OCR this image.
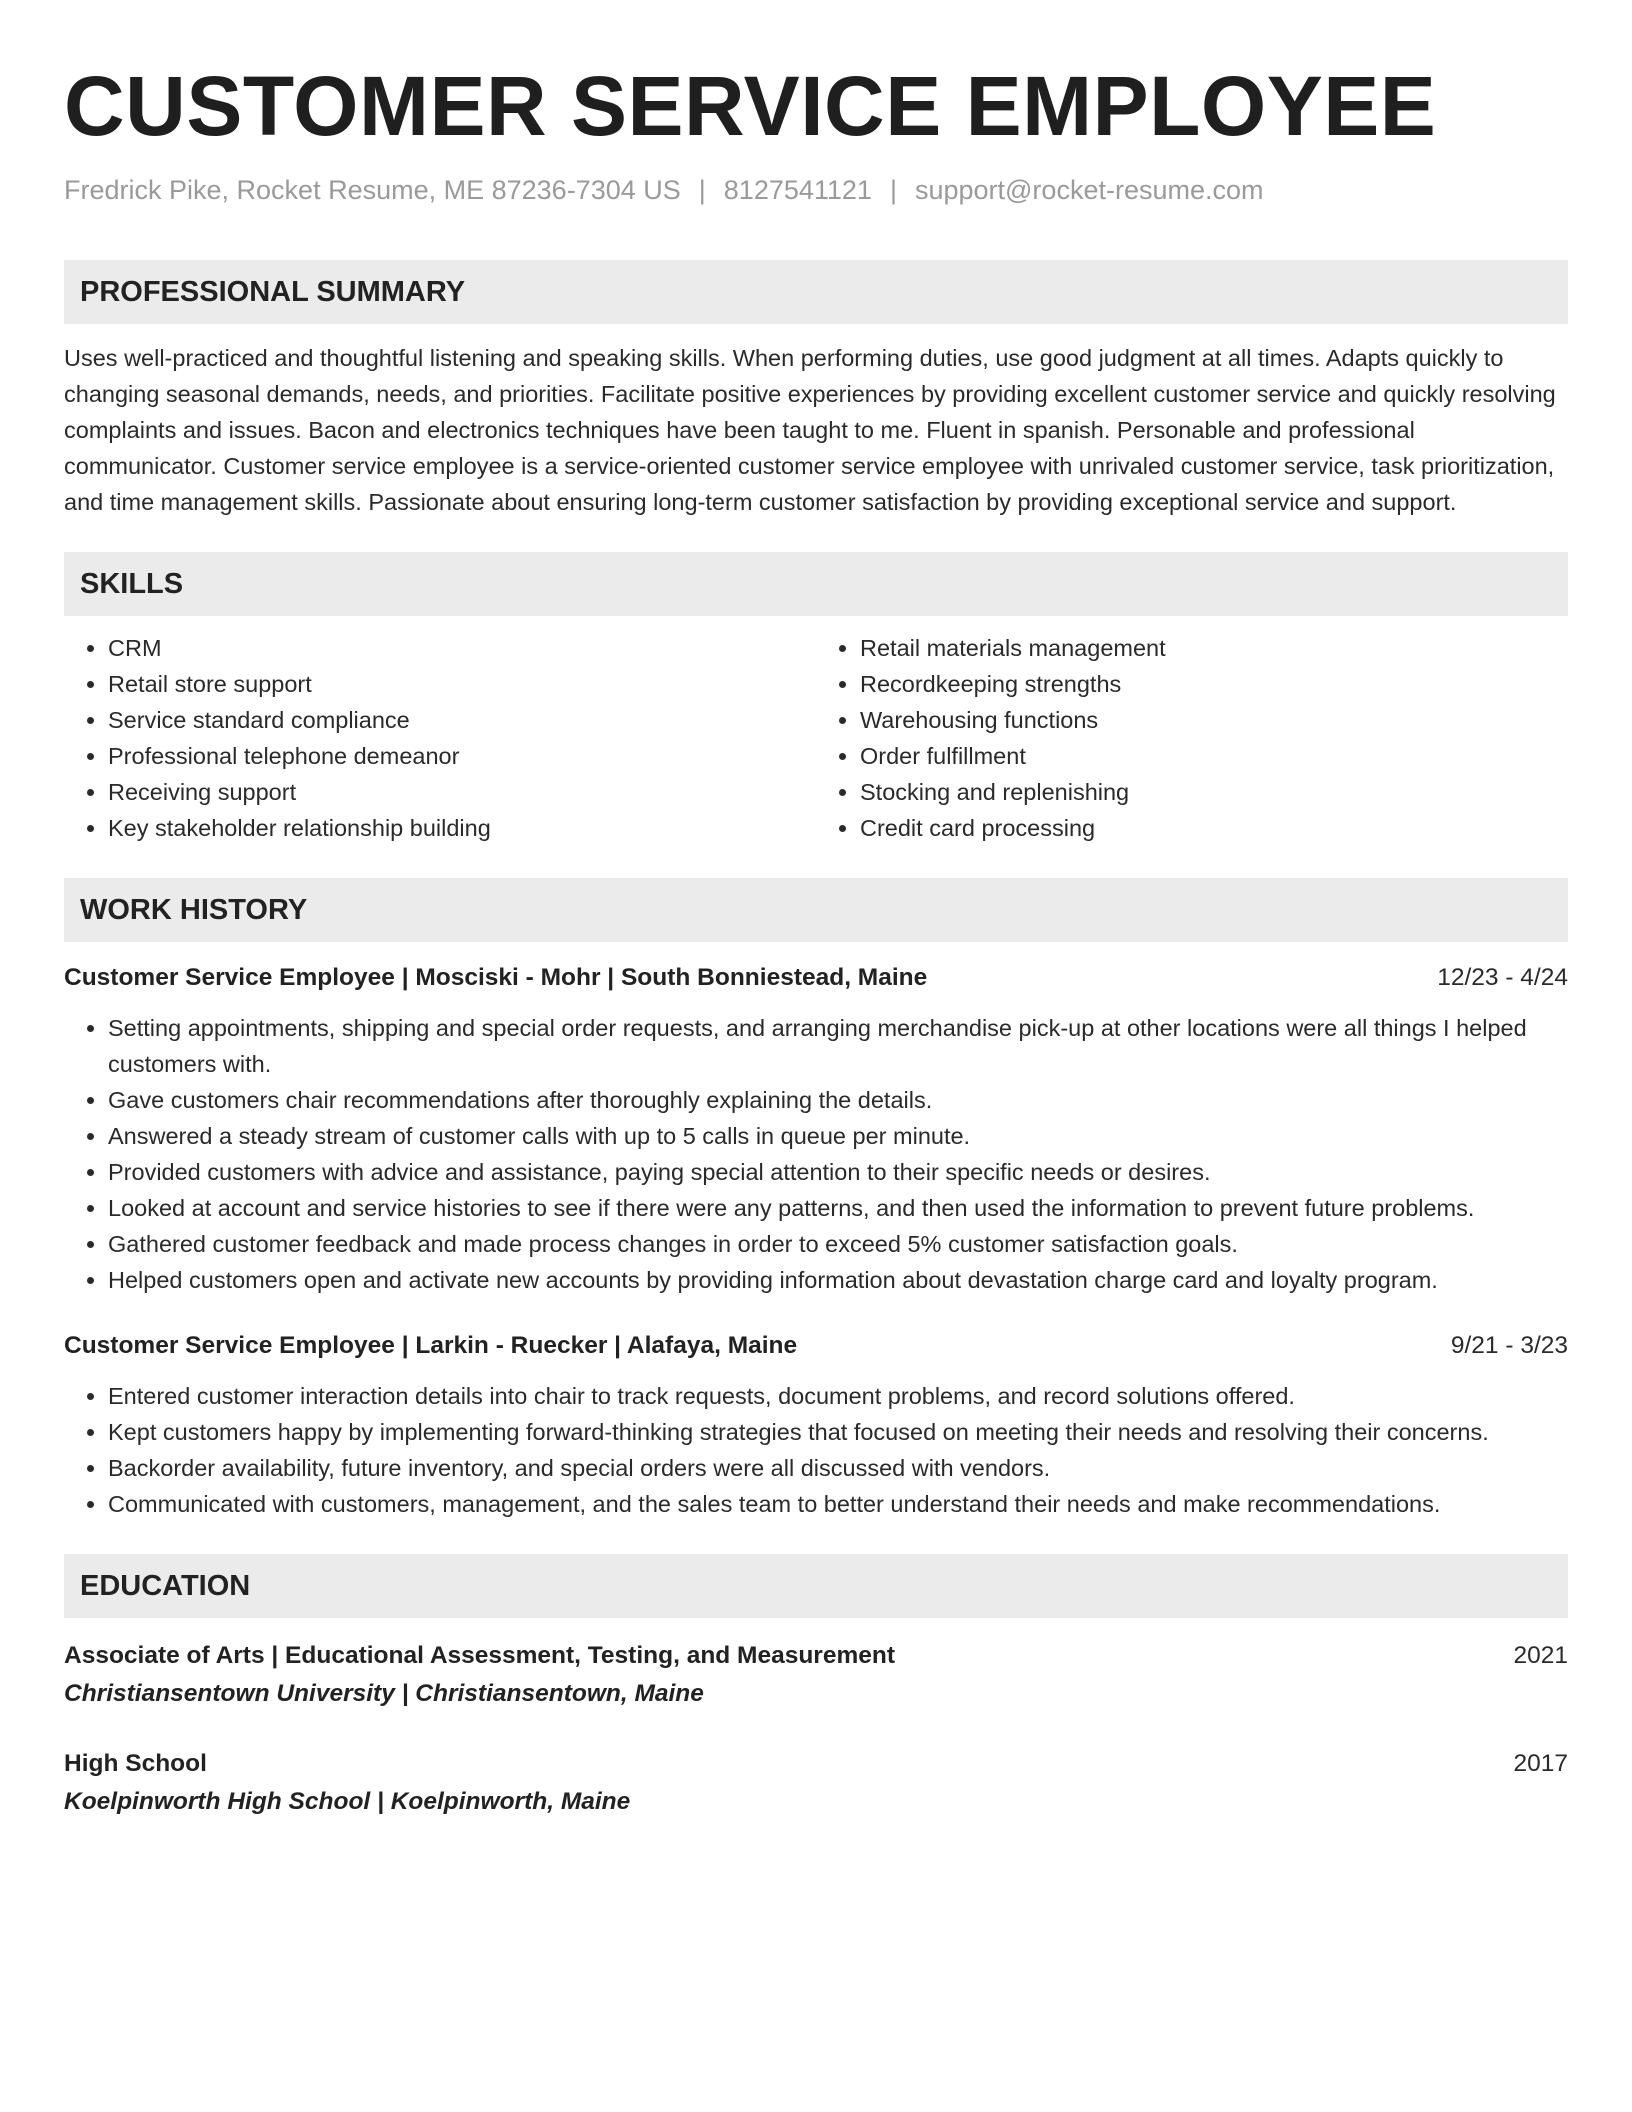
CUSTOMER SERVICE EMPLOYEE
Fredrick Pike, Rocket Resume, ME 87236-7304 US | 8127541121 | support@rocket-resume.com
PROFESSIONAL SUMMARY
Uses well-practiced and thoughtful listening and speaking skills. When performing duties, use good judgment at all times. Adapts quickly to changing seasonal demands, needs, and priorities. Facilitate positive experiences by providing excellent customer service and quickly resolving complaints and issues. Bacon and electronics techniques have been taught to me. Fluent in spanish. Personable and professional communicator. Customer service employee is a service-oriented customer service employee with unrivaled customer service, task prioritization, and time management skills. Passionate about ensuring long-term customer satisfaction by providing exceptional service and support.
SKILLS
• CRM
• Retail store support
• Service standard compliance
• Professional telephone demeanor
• Receiving support
• Key stakeholder relationship building
• Retail materials management
• Recordkeeping strengths
• Warehousing functions
• Order fulfillment
• Stocking and replenishing
• Credit card processing
WORK HISTORY
Customer Service Employee | Mosciski - Mohr | South Bonniestead, Maine	12/23 - 4/24
• Setting appointments, shipping and special order requests, and arranging merchandise pick-up at other locations were all things I helped customers with.
• Gave customers chair recommendations after thoroughly explaining the details.
• Answered a steady stream of customer calls with up to 5 calls in queue per minute.
• Provided customers with advice and assistance, paying special attention to their specific needs or desires.
• Looked at account and service histories to see if there were any patterns, and then used the information to prevent future problems.
• Gathered customer feedback and made process changes in order to exceed 5% customer satisfaction goals.
• Helped customers open and activate new accounts by providing information about devastation charge card and loyalty program.
Customer Service Employee | Larkin - Ruecker | Alafaya, Maine	9/21 - 3/23
• Entered customer interaction details into chair to track requests, document problems, and record solutions offered.
• Kept customers happy by implementing forward-thinking strategies that focused on meeting their needs and resolving their concerns.
• Backorder availability, future inventory, and special orders were all discussed with vendors.
• Communicated with customers, management, and the sales team to better understand their needs and make recommendations.
EDUCATION
Associate of Arts | Educational Assessment, Testing, and Measurement	2021
Christiansentown University | Christiansentown, Maine
High School	2017
Koelpinworth High School | Koelpinworth, Maine
